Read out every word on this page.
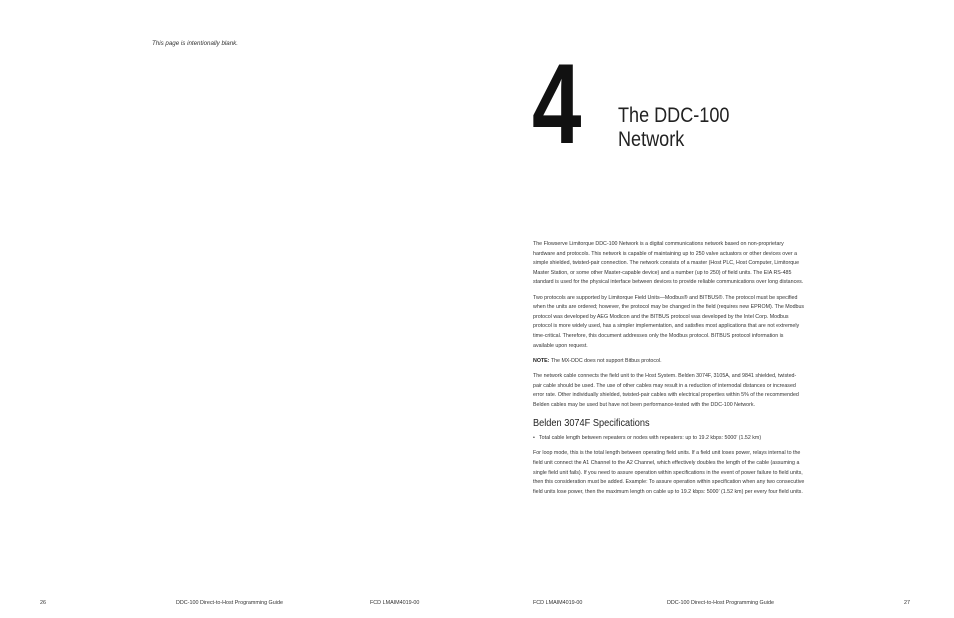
This page is intentionally blank.	4 The DDC-100
Network

The Flowserve Limitorque DDC-100 Network is a digital communications network based on non-proprietary hardware and protocols. This network is capable of maintaining up to 250 valve actuators or other devices over a simple shielded, twisted-pair connection. The network consists of a master (Host PLC, Host Computer, Limitorque Master Station, or some other Master-capable device) and a number (up to 250) of field units. The EIA RS-485 standard is used for the physical interface between devices to provide reliable communications over long distances.

Two protocols are supported by Limitorque Field Units—Modbus® and BITBUS®. The protocol must be specified when the units are ordered; however, the protocol may be changed in the field (requires new EPROM). The Modbus protocol was developed by AEG Modicon and the BITBUS protocol was developed by the Intel Corp. Modbus protocol is more widely used, has a simpler implementation, and satisfies most applications that are not extremely time-critical. Therefore, this document addresses only the Modbus protocol. BITBUS protocol information is available upon request.

NOTE: The MX-DDC does not support Bitbus protocol.

The network cable connects the field unit to the Host System. Belden 3074F, 3105A, and 9841 shielded, twisted-pair cable should be used. The use of other cables may result in a reduction of internodal distances or increased error rate. Other individually shielded, twisted-pair cables with electrical properties within 5% of the recommended Belden cables may be used but have not been performance-tested with the DDC-100 Network.

Belden 3074F Specifications
• Total cable length between repeaters or nodes with repeaters: up to 19.2 kbps: 5000’ (1.52 km)

For loop mode, this is the total length between operating field units. If a field unit loses power, relays internal to the field unit connect the A1 Channel to the A2 Channel, which effectively doubles the length of the cable (assuming a single field unit fails). If you need to assure operation within specifications in the event of power failure to field units, then this consideration must be added. Example: To assure operation within specification when any two consecutive field units lose power, then the maximum length on cable up to 19.2 kbps: 5000’ (1.52 km) per every four field units.

26	DDC-100 Direct-to-Host Programming Guide	FCD LMAIM4019-00	FCD LMAIM4019-00	DDC-100 Direct-to-Host Programming Guide	27
